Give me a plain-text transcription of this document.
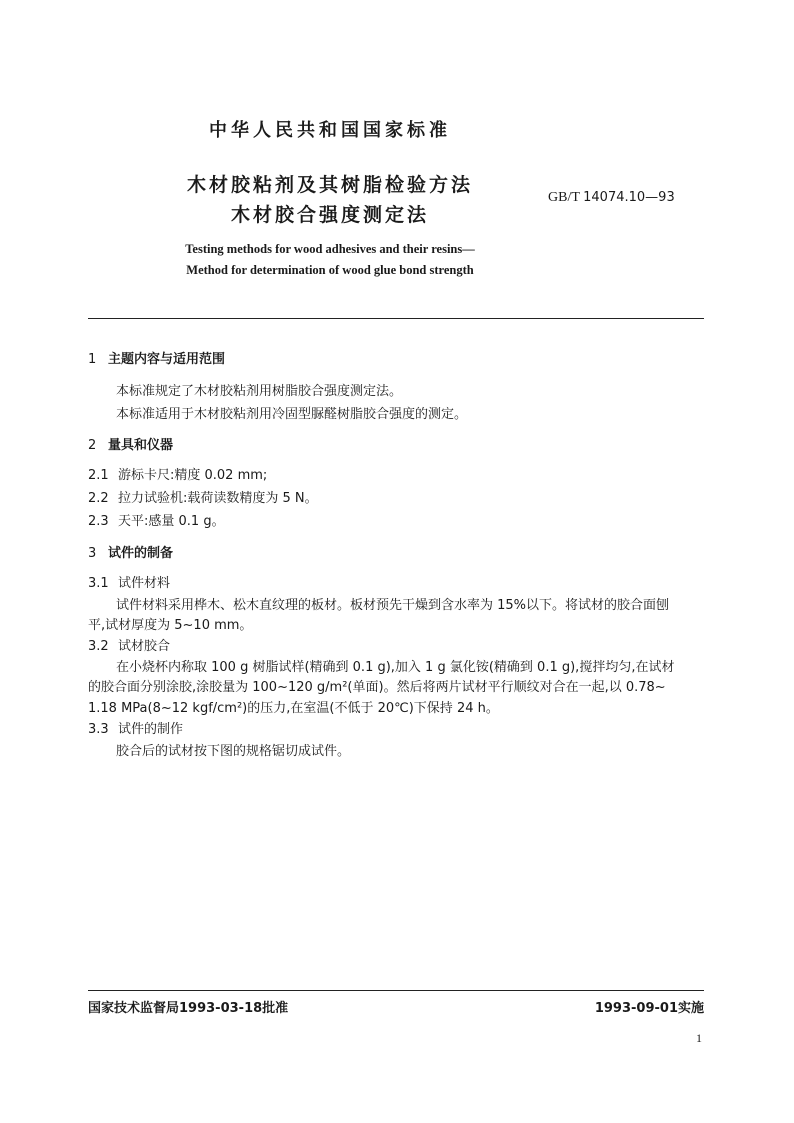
中华人民共和国国家标准
木材胶粘剂及其树脂检验方法
木材胶合强度测定法
GB/T 14074.10—93
Testing methods for wood adhesives and their resins—
Method for determination of wood glue bond strength
1 主题内容与适用范围
本标准规定了木材胶粘剂用树脂胶合强度测定法。
本标准适用于木材胶粘剂用冷固型脲醛树脂胶合强度的测定。
2 量具和仪器
2.1 游标卡尺:精度 0.02 mm;
2.2 拉力试验机:载荷读数精度为 5 N。
2.3 天平:感量 0.1 g。
3 试件的制备
3.1 试件材料
试件材料采用桦木、松木直纹理的板材。板材预先干燥到含水率为 15%以下。将试材的胶合面刨
平,试材厚度为 5~10 mm。
3.2 试材胶合
在小烧杯内称取 100 g 树脂试样(精确到 0.1 g),加入 1 g 氯化铵(精确到 0.1 g),搅拌均匀,在试材
的胶合面分别涂胶,涂胶量为 100~120 g/m²(单面)。然后将两片试材平行顺纹对合在一起,以 0.78~
1.18 MPa(8~12 kgf/cm²)的压力,在室温(不低于 20℃)下保持 24 h。
3.3 试件的制作
胶合后的试材按下图的规格锯切成试件。
国家技术监督局1993-03-18批准	1993-09-01实施
1
